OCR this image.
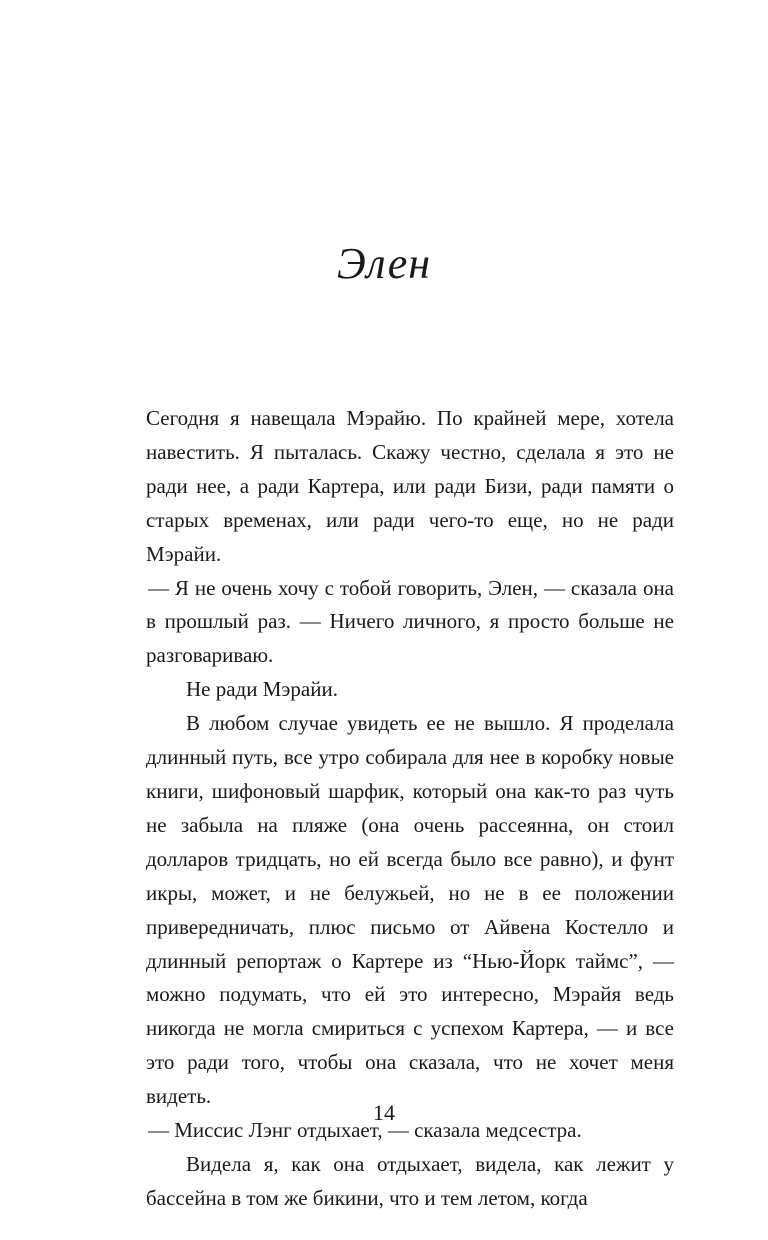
Элен

Сегодня я навещала Мэрайю. По крайней мере, хотела навестить. Я пыталась. Скажу честно, сделала я это не ради нее, а ради Картера, или ради Бизи, ради памяти о старых временах, или ради чего-то еще, но не ради Мэрайи.

— Я не очень хочу с тобой говорить, Элен, — сказала она в прошлый раз. — Ничего личного, я просто больше не разговариваю.

Не ради Мэрайи.

В любом случае увидеть ее не вышло. Я проделала длинный путь, все утро собирала для нее в коробку новые книги, шифоновый шарфик, который она как-то раз чуть не забыла на пляже (она очень рассеянна, он стоил долларов тридцать, но ей всегда было все равно), и фунт икры, может, и не белужьей, но не в ее положении привередничать, плюс письмо от Айвена Костелло и длинный репортаж о Картере из “Нью-Йорк таймс”, — можно подумать, что ей это интересно, Мэрайя ведь никогда не могла смириться с успехом Картера, — и все это ради того, чтобы она сказала, что не хочет меня видеть.

— Миссис Лэнг отдыхает, — сказала медсестра.

Видела я, как она отдыхает, видела, как лежит у бассейна в том же бикини, что и тем летом, когда

14
